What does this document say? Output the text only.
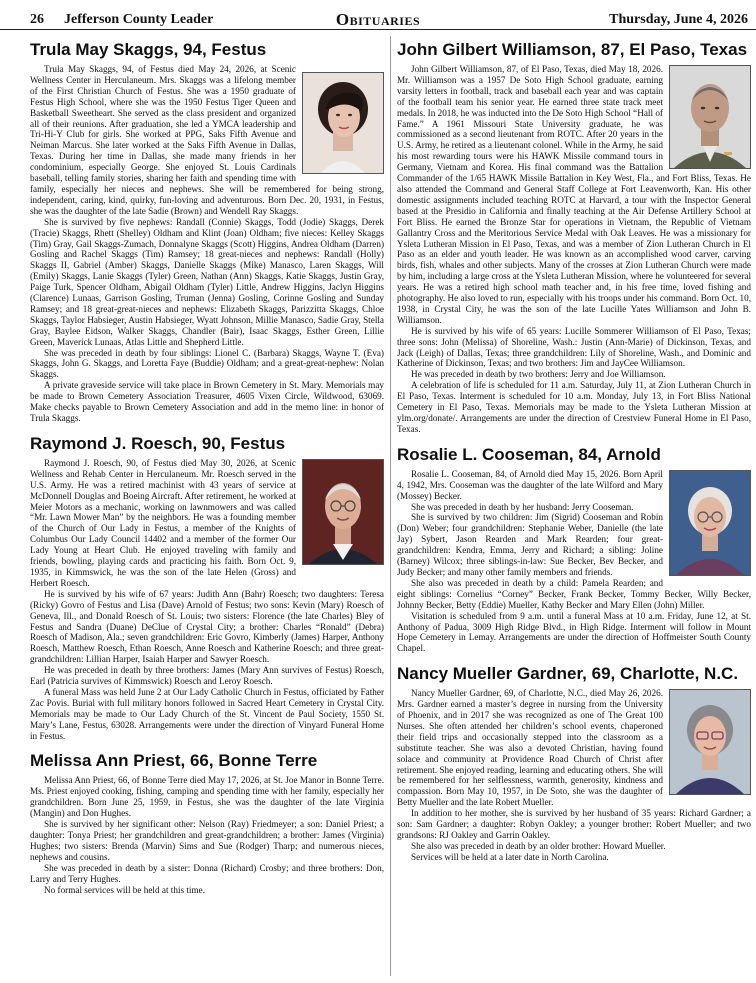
26 Jefferson County Leader	Obituaries	Thursday, June 4, 2026
Trula May Skaggs, 94, Festus

Trula May Skaggs, 94, of Festus died May 24, 2026, at Scenic Wellness Center in Herculaneum. Mrs. Skaggs was a lifelong member of the First Christian Church of Festus. She was a 1950 graduate of Festus High School, where she was the 1950 Festus Tiger Queen and Basketball Sweetheart. She served as the class president and organized all of their reunions. After graduation, she led a YMCA leadership and Tri-Hi-Y Club for girls. She worked at PPG, Saks Fifth Avenue and Neiman Marcus. She later worked at the Saks Fifth Avenue in Dallas, Texas. During her time in Dallas, she made many friends in her condominium, especially George. She enjoyed St. Louis Cardinals baseball, telling family stories, sharing her faith and spending time with family, especially her nieces and nephews. She will be remembered for being strong, independent, caring, kind, quirky, fun-loving and adventurous. Born Dec. 20, 1931, in Festus, she was the daughter of the late Sadie (Brown) and Wendell Ray Skaggs.

She is survived by five nephews: Randall (Connie) Skaggs, Todd (Jodie) Skaggs, Derek (Tracie) Skaggs, Rhett (Shelley) Oldham and Klint (Joan) Oldham; five nieces: Kelley Skaggs (Tim) Gray, Gail Skaggs-Zumach, Donnalyne Skaggs (Scott) Higgins, Andrea Oldham (Darren) Gosling and Rachel Skaggs (Tim) Ramsey; 18 great-nieces and nephews: Randall (Holly) Skaggs II, Gabriel (Amber) Skaggs, Danielle Skaggs (Mike) Manasco, Laren Skaggs, Will (Emily) Skaggs, Lanie Skaggs (Tyler) Green, Nathan (Ann) Skaggs, Katie Skaggs, Justin Gray, Paige Turk, Spencer Oldham, Abigail Oldham (Tyler) Little, Andrew Higgins, Jaclyn Higgins (Clarence) Lunaas, Garrison Gosling, Truman (Jenna) Gosling, Corinne Gosling and Sunday Ramsey; and 18 great-great-nieces and nephews: Elizabeth Skaggs, Parizzitta Skaggs, Chloe Skaggs, Taylor Habsieger, Austin Habsieger, Wyatt Johnson, Millie Manasco, Sadie Gray, Stella Gray, Baylee Eidson, Walker Skaggs, Chandler (Bair), Isaac Skaggs, Esther Green, Lillie Green, Maverick Lunaas, Atlas Little and Shepherd Little.

She was preceded in death by four siblings: Lionel C. (Barbara) Skaggs, Wayne T. (Eva) Skaggs, John G. Skaggs, and Loretta Faye (Buddie) Oldham; and a great-great-nephew: Nolan Skaggs.

A private graveside service will take place in Brown Cemetery in St. Mary. Memorials may be made to Brown Cemetery Association Treasurer, 4605 Vixen Circle, Wildwood, 63069. Make checks payable to Brown Cemetery Association and add in the memo line: in honor of Trula Skaggs.

Raymond J. Roesch, 90, Festus

Raymond J. Roesch, 90, of Festus died May 30, 2026, at Scenic Wellness and Rehab Center in Herculaneum. Mr. Roesch served in the U.S. Army. He was a retired machinist with 43 years of service at McDonnell Douglas and Boeing Aircraft. After retirement, he worked at Meier Motors as a mechanic, working on lawnmowers and was called “Mr. Lawn Mower Man” by the neighbors. He was a founding member of the Church of Our Lady in Festus, a member of the Knights of Columbus Our Lady Council 14402 and a member of the former Our Lady Young at Heart Club. He enjoyed traveling with family and friends, bowling, playing cards and practicing his faith. Born Oct. 9, 1935, in Kimmswick, he was the son of the late Helen (Gross) and Herbert Roesch.

He is survived by his wife of 67 years: Judith Ann (Bahr) Roesch; two daughters: Teresa (Ricky) Govro of Festus and Lisa (Dave) Arnold of Festus; two sons: Kevin (Mary) Roesch of Geneva, Ill., and Donald Roesch of St. Louis; two sisters: Florence (the late Charles) Bley of Festus and Sandra (Duane) DeClue of Crystal City; a brother: Charles “Ronald” (Debra) Roesch of Madison, Ala.; seven grandchildren: Eric Govro, Kimberly (James) Harper, Anthony Roesch, Matthew Roesch, Ethan Roesch, Anne Roesch and Katherine Roesch; and three great-grandchildren: Lillian Harper, Isaiah Harper and Sawyer Roesch.

He was preceded in death by three brothers: James (Mary Ann survives of Festus) Roesch, Earl (Patricia survives of Kimmswick) Roesch and Leroy Roesch.

A funeral Mass was held June 2 at Our Lady Catholic Church in Festus, officiated by Father Zac Povis. Burial with full military honors followed in Sacred Heart Cemetery in Crystal City. Memorials may be made to Our Lady Church of the St. Vincent de Paul Society, 1550 St. Mary’s Lane, Festus, 63028. Arrangements were under the direction of Vinyard Funeral Home in Festus.

Melissa Ann Priest, 66, Bonne Terre

Melissa Ann Priest, 66, of Bonne Terre died May 17, 2026, at St. Joe Manor in Bonne Terre. Ms. Priest enjoyed cooking, fishing, camping and spending time with her family, especially her grandchildren. Born June 25, 1959, in Festus, she was the daughter of the late Virginia (Mangin) and Don Hughes.

She is survived by her significant other: Nelson (Ray) Friedmeyer; a son: Daniel Priest; a daughter: Tonya Priest; her grandchildren and great-grandchildren; a brother: James (Virginia) Hughes; two sisters: Brenda (Marvin) Sims and Sue (Rodger) Tharp; and numerous nieces, nephews and cousins.

She was preceded in death by a sister: Donna (Richard) Crosby; and three brothers: Don, Larry and Terry Hughes.

No formal services will be held at this time.

John Gilbert Williamson, 87, El Paso, Texas

John Gilbert Williamson, 87, of El Paso, Texas, died May 18, 2026. Mr. Williamson was a 1957 De Soto High School graduate, earning varsity letters in football, track and baseball each year and was captain of the football team his senior year. He earned three state track meet medals. In 2018, he was inducted into the De Soto High School “Hall of Fame.” A 1961 Missouri State University graduate, he was commissioned as a second lieutenant from ROTC. After 20 years in the U.S. Army, he retired as a lieutenant colonel. While in the Army, he said his most rewarding tours were his HAWK Missile command tours in Germany, Vietnam and Korea. His final command was the Battalion Commander of the 1/65 HAWK Missile Battalion in Key West, Fla., and Fort Bliss, Texas. He also attended the Command and General Staff College at Fort Leavenworth, Kan. His other domestic assignments included teaching ROTC at Harvard, a tour with the Inspector General based at the Presidio in California and finally teaching at the Air Defense Artillery School at Fort Bliss. He earned the Bronze Star for operations in Vietnam, the Republic of Vietnam Gallantry Cross and the Meritorious Service Medal with Oak Leaves. He was a missionary for Ysleta Lutheran Mission in El Paso, Texas, and was a member of Zion Lutheran Church in El Paso as an elder and youth leader. He was known as an accomplished wood carver, carving birds, fish, whales and other subjects. Many of the crosses at Zion Lutheran Church were made by him, including a large cross at the Ysleta Lutheran Mission, where he volunteered for several years. He was a retired high school math teacher and, in his free time, loved fishing and photography. He also loved to run, especially with his troops under his command. Born Oct. 10, 1938, in Crystal City, he was the son of the late Lucille Yates Williamson and John B. Williamson.

He is survived by his wife of 65 years: Lucille Sommerer Williamson of El Paso, Texas; three sons: John (Melissa) of Shoreline, Wash.: Justin (Ann-Marie) of Dickinson, Texas, and Jack (Leigh) of Dallas, Texas; three grandchildren: Lily of Shoreline, Wash., and Dominic and Katherine of Dickinson, Texas; and two brothers: Jim and JayCee Williamson.

He was preceded in death by two brothers: Jerry and Joe Williamson.

A celebration of life is scheduled for 11 a.m. Saturday, July 11, at Zion Lutheran Church in El Paso, Texas. Interment is scheduled for 10 a.m. Monday, July 13, in Fort Bliss National Cemetery in El Paso, Texas. Memorials may be made to the Ysleta Lutheran Mission at ylm.org/donate/. Arrangements are under the direction of Crestview Funeral Home in El Paso, Texas.

Rosalie L. Cooseman, 84, Arnold

Rosalie L. Cooseman, 84, of Arnold died May 15, 2026. Born April 4, 1942, Mrs. Cooseman was the daughter of the late Wilford and Mary (Mossey) Becker.

She was preceded in death by her husband: Jerry Cooseman.

She is survived by two children: Jim (Sigrid) Cooseman and Robin (Don) Weber; four grandchildren: Stephanie Weber, Danielle (the late Jay) Sybert, Jason Rearden and Mark Rearden; four great-grandchildren: Kendra, Emma, Jerry and Richard; a sibling: Joline (Barney) Wilcox; three siblings-in-law: Sue Becker, Bev Becker, and Judy Becker; and many other family members and friends.

She also was preceded in death by a child: Pamela Rearden; and eight siblings: Cornelius “Corney” Becker, Frank Becker, Tommy Becker, Willy Becker, Johnny Becker, Betty (Eddie) Mueller, Kathy Becker and Mary Ellen (John) Miller.

Visitation is scheduled from 9 a.m. until a funeral Mass at 10 a.m. Friday, June 12, at St. Anthony of Padua, 3009 High Ridge Blvd., in High Ridge. Interment will follow in Mount Hope Cemetery in Lemay. Arrangements are under the direction of Hoffmeister South County Chapel.

Nancy Mueller Gardner, 69, Charlotte, N.C.

Nancy Mueller Gardner, 69, of Charlotte, N.C., died May 26, 2026. Mrs. Gardner earned a master’s degree in nursing from the University of Phoenix, and in 2017 she was recognized as one of The Great 100 Nurses. She often attended her children’s school events, chaperoned their field trips and occasionally stepped into the classroom as a substitute teacher. She was also a devoted Christian, having found solace and community at Providence Road Church of Christ after retirement. She enjoyed reading, learning and educating others. She will be remembered for her selflessness, warmth, generosity, kindness and compassion. Born May 10, 1957, in De Soto, she was the daughter of Betty Mueller and the late Robert Mueller.

In addition to her mother, she is survived by her husband of 35 years: Richard Gardner; a son: Sam Gardner; a daughter: Robyn Oakley; a younger brother: Robert Mueller; and two grandsons: RJ Oakley and Garrin Oakley.

She also was preceded in death by an older brother: Howard Mueller.

Services will be held at a later date in North Carolina.
